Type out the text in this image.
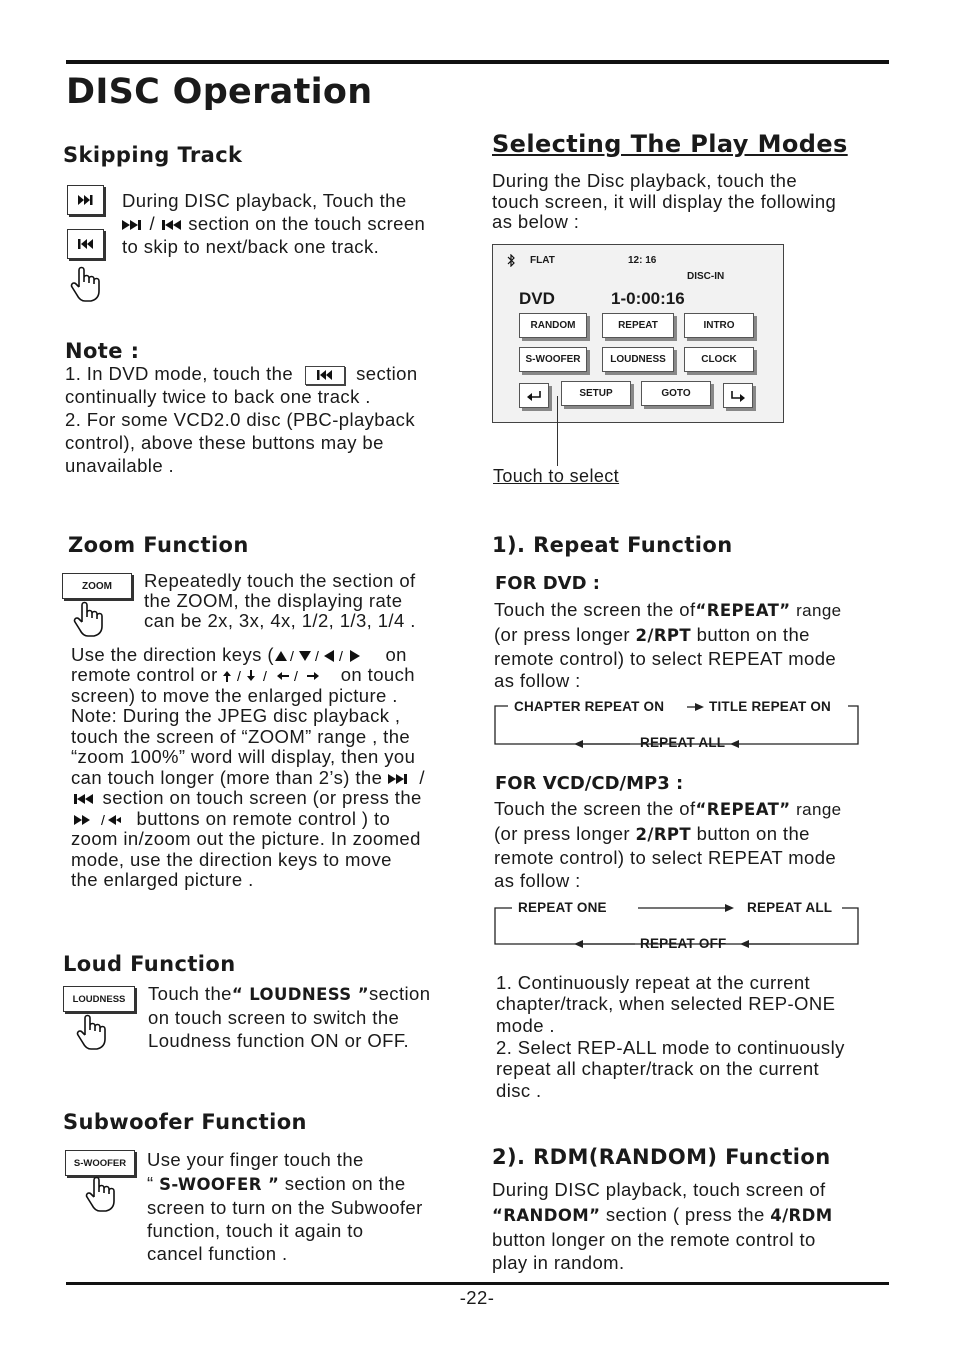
DISC Operation
Skipping Track
During DISC playback, Touch the
/ section on the touch screen
to skip to next/back one track.
Note :
1. In DVD mode, touch the	section
continually twice to back one track .
2. For some VCD2.0 disc (PBC-playback
control), above these buttons may be
unavailable .
Zoom Function
ZOOM	Repeatedly touch the section of
the ZOOM, the displaying rate
can be 2x, 3x, 4x, 1/2, 1/3, 1/4 .
Use the direction keys ( / / / on
remote control or / / / on touch
screen) to move the enlarged picture .
Note: During the JPEG disc playback ,
touch the screen of “ZOOM” range , the
“zoom 100%” word will display, then you
can touch longer (more than 2’s) the /
section on touch screen (or press the
/ buttons on remote control ) to
zoom in/zoom out the picture. In zoomed
mode, use the direction keys to move
the enlarged picture .
Loud Function
LOUDNESS	Touch the“ LOUDNESS ”section
on touch screen to switch the
Loudness function ON or OFF.
Subwoofer Function
S-WOOFER	Use your finger touch the
“ S-WOOFER ” section on the
screen to turn on the Subwoofer
function, touch it again to
cancel function .
Selecting The Play Modes
During the Disc playback, touch the
touch screen, it will display the following
as below :
FLAT	12: 16
DISC-IN
DVD	1-0:00:16
RANDOM	REPEAT	INTRO
S-WOOFER	LOUDNESS	CLOCK
SETUP	GOTO
Touch to select
1). Repeat Function
FOR DVD :
Touch the screen the of“REPEAT” range
(or press longer 2/RPT button on the
remote control) to select REPEAT mode
as follow :
CHAPTER REPEAT ON	TITLE REPEAT ON
REPEAT ALL
FOR VCD/CD/MP3 :
Touch the screen the of“REPEAT” range
(or press longer 2/RPT button on the
remote control) to select REPEAT mode
as follow :
REPEAT ONE	REPEAT ALL
REPEAT OFF
1. Continuously repeat at the current
chapter/track, when selected REP-ONE
mode .
2. Select REP-ALL mode to continuously
repeat all chapter/track on the current
disc .
2). RDM(RANDOM) Function
During DISC playback, touch screen of
“RANDOM” section ( press the 4/RDM
button longer on the remote control to
play in random.
-22-
